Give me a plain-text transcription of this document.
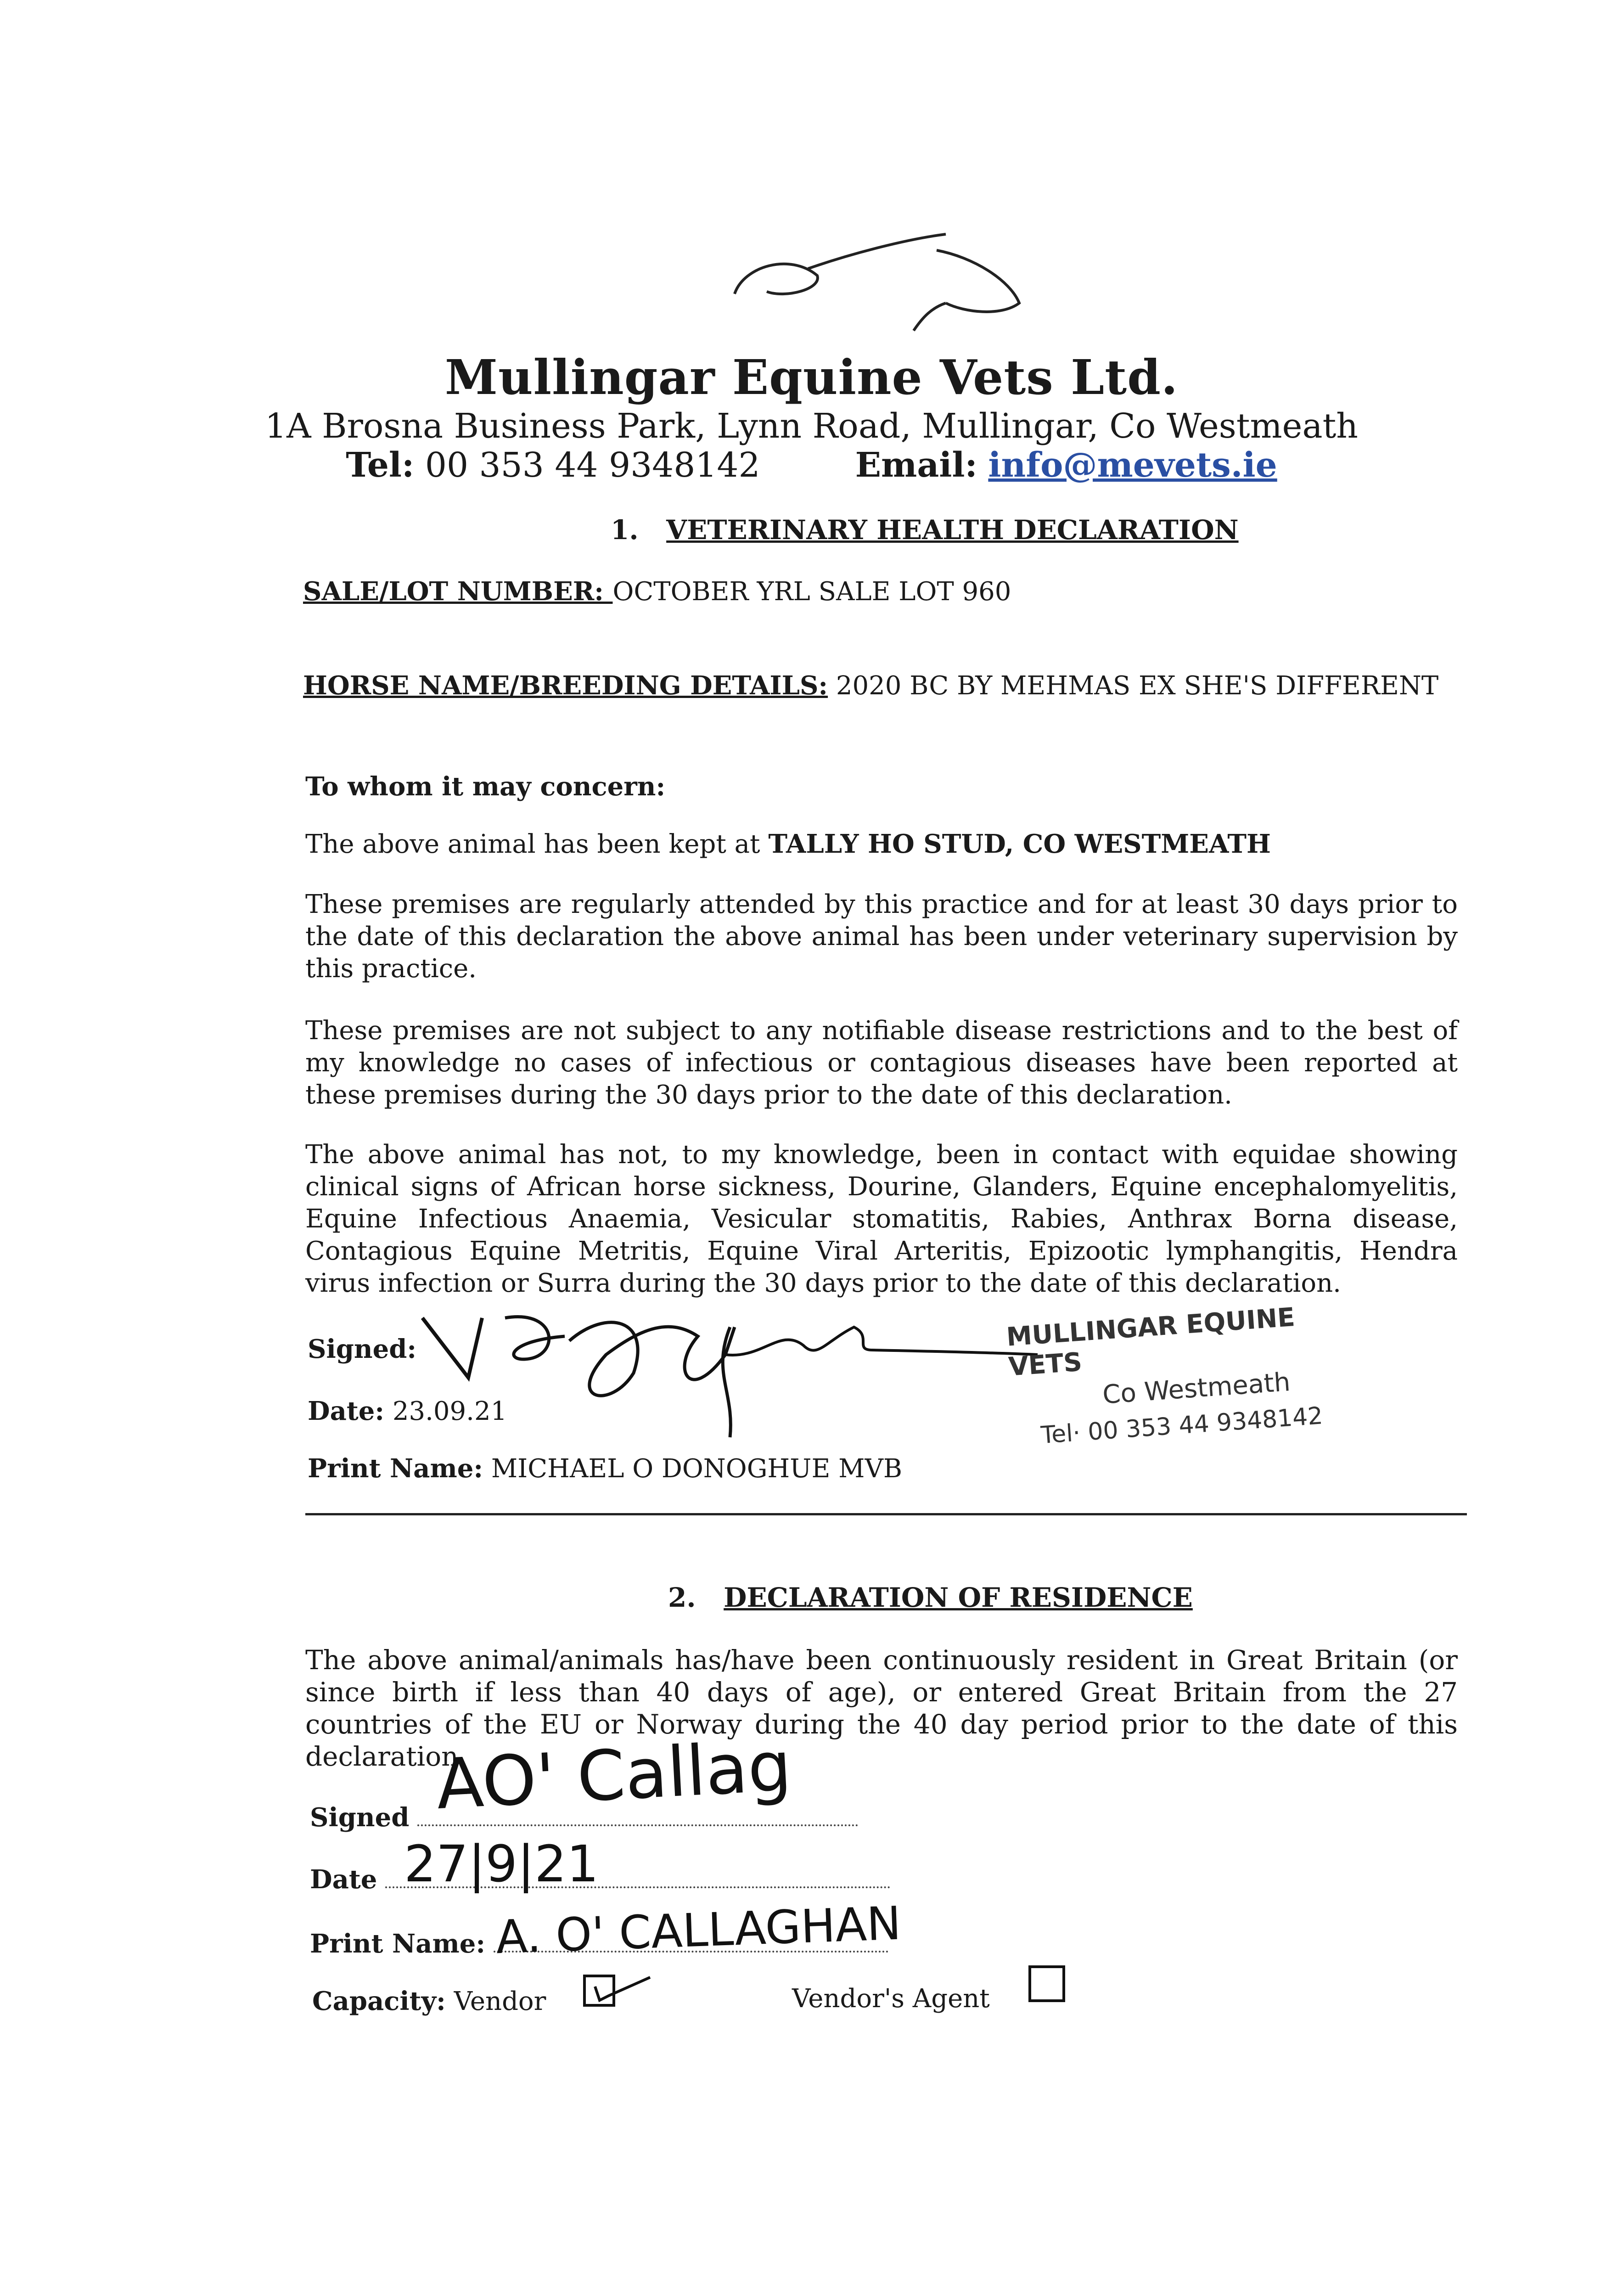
Mullingar Equine Vets Ltd.
1A Brosna Business Park, Lynn Road, Mullingar, Co Westmeath
Tel: 00 353 44 9348142	Email: info@mevets.ie
1. VETERINARY HEALTH DECLARATION
SALE/LOT NUMBER: OCTOBER YRL SALE LOT 960
HORSE NAME/BREEDING DETAILS: 2020 BC BY MEHMAS EX SHE'S DIFFERENT
To whom it may concern:
The above animal has been kept at TALLY HO STUD, CO WESTMEATH
These premises are regularly attended by this practice and for at least 30 days prior to the date of this declaration the above animal has been under veterinary supervision by this practice.
These premises are not subject to any notifiable disease restrictions and to the best of my knowledge no cases of infectious or contagious diseases have been reported at these premises during the 30 days prior to the date of this declaration.
The above animal has not, to my knowledge, been in contact with equidae showing clinical signs of African horse sickness, Dourine, Glanders, Equine encephalomyelitis, Equine Infectious Anaemia, Vesicular stomatitis, Rabies, Anthrax Borna disease, Contagious Equine Metritis, Equine Viral Arteritis, Epizootic lymphangitis, Hendra virus infection or Surra during the 30 days prior to the date of this declaration.
Signed:
Date: 23.09.21
Print Name: MICHAEL O DONOGHUE MVB
MULLINGAR EQUINE VETS
Co Westmeath
Tel· 00 353 44 9348142
2. DECLARATION OF RESIDENCE
The above animal/animals has/have been continuously resident in Great Britain (or since birth if less than 40 days of age), or entered Great Britain from the 27 countries of the EU or Norway during the 40 day period prior to the date of this declaration.
Signed AO' Callag
Date 27|9|21
Print Name: A. O' CALLAGHAN
Capacity: Vendor	Vendor's Agent
